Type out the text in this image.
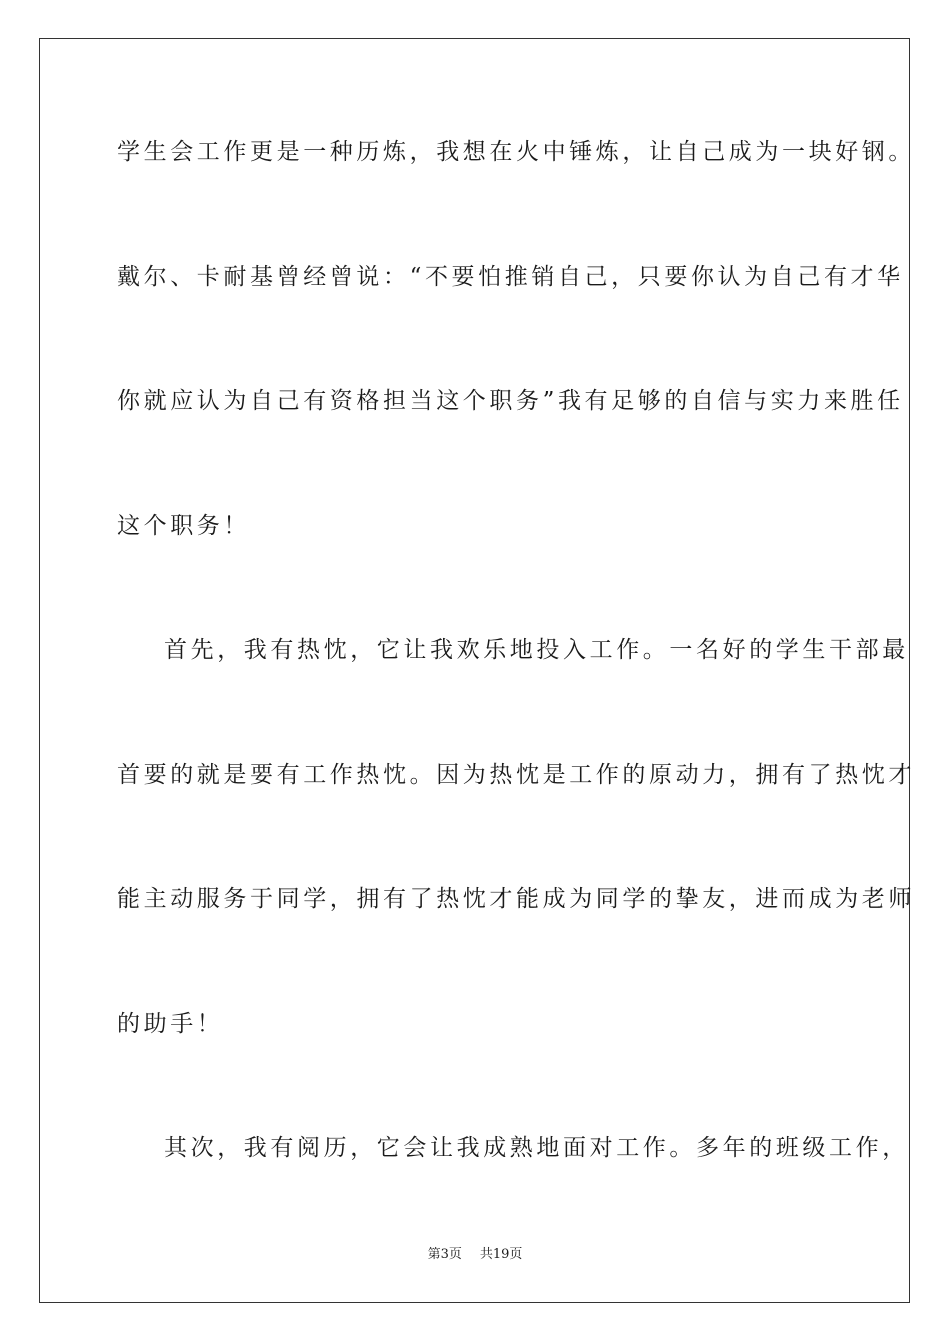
学生会工作更是一种历炼，我想在火中锤炼，让自己成为一块好钢。
戴尔、卡耐基曾经曾说：“不要怕推销自己，只要你认为自己有才华
你就应认为自己有资格担当这个职务”我有足够的自信与实力来胜任
这个职务！
首先，我有热忱，它让我欢乐地投入工作。一名好的学生干部最
首要的就是要有工作热忱。因为热忱是工作的原动力，拥有了热忱才
能主动服务于同学，拥有了热忱才能成为同学的挚友，进而成为老师
的助手！
其次，我有阅历，它会让我成熟地面对工作。多年的班级工作，
第3页 共19页
